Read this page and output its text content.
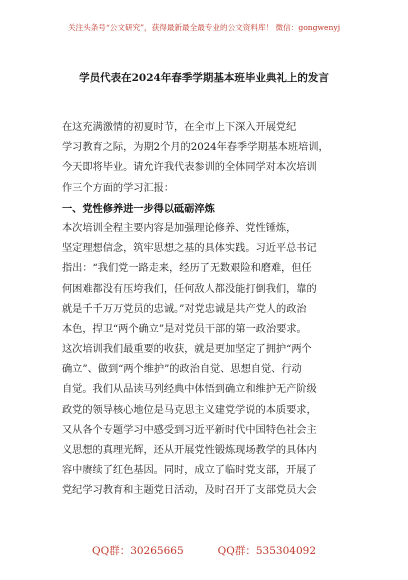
关注头条号“公文研究”，获得最新最全最专业的公文资料库！ 微信：gongwenyj
学员代表在2024年春季学期基本班毕业典礼上的发言
在这充满激情的初夏时节，在全市上下深入开展党纪
学习教育之际，为期2个月的2024年春季学期基本班培训，
今天即将毕业。请允许我代表参训的全体同学对本次培训
作三个方面的学习汇报：
一、党性修养进一步得以砥砺淬炼
本次培训全程主要内容是加强理论修养、党性锤炼，
坚定理想信念，筑牢思想之基的具体实践。习近平总书记
指出：“我们党一路走来，经历了无数艰险和磨难，但任
何困难都没有压垮我们，任何敌人都没能打倒我们，靠的
就是千千万万党员的忠诚。”对党忠诚是共产党人的政治
本色，捍卫“两个确立”是对党员干部的第一政治要求。
这次培训我们最重要的收获，就是更加坚定了拥护“两个
确立”、做到“两个维护”的政治自觉、思想自觉、行动
自觉。我们从品读马列经典中体悟到确立和维护无产阶级
政党的领导核心地位是马克思主义建党学说的本质要求，
又从各个专题学习中感受到习近平新时代中国特色社会主
义思想的真理光辉，还从开展党性锻炼现场教学的具体内
容中赓续了红色基因。同时，成立了临时党支部，开展了
党纪学习教育和主题党日活动，及时召开了支部党员大会
QQ群：30265665	QQ群：535304092
